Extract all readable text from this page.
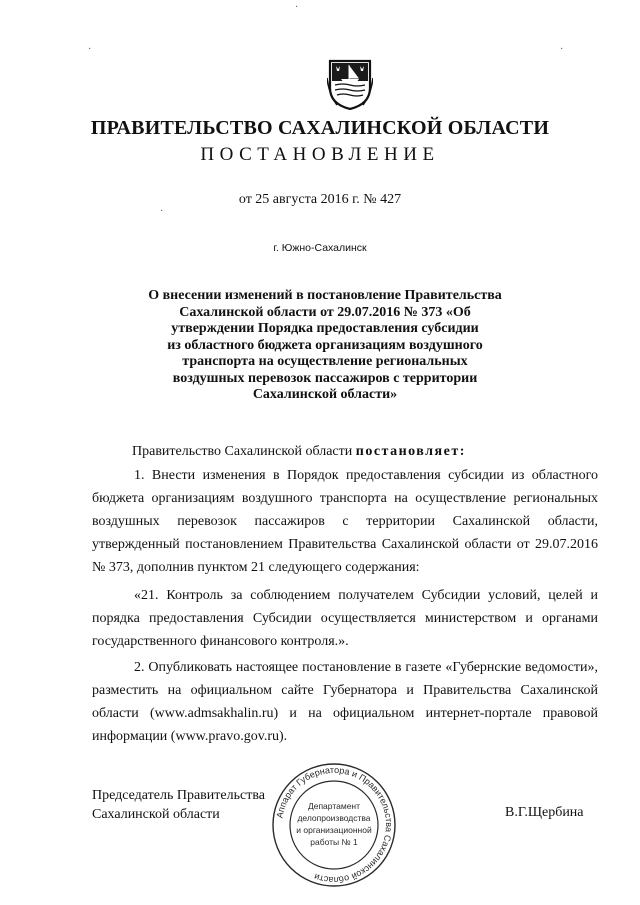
ПРАВИТЕЛЬСТВО САХАЛИНСКОЙ ОБЛАСТИ
ПОСТАНОВЛЕНИЕ
от 25 августа 2016 г. № 427
г. Южно-Сахалинск
О внесении изменений в постановление Правительства
Сахалинской области от 29.07.2016 № 373 «Об
утверждении Порядка предоставления субсидии
из областного бюджета организациям воздушного
транспорта на осуществление региональных
воздушных перевозок пассажиров с территории
Сахалинской области»
Правительство Сахалинской области постановляет:
1. Внести изменения в Порядок предоставления субсидии из областного бюджета организациям воздушного транспорта на осуществление региональных воздушных перевозок пассажиров с территории Сахалинской области, утвержденный постановлением Правительства Сахалинской области от 29.07.2016 № 373, дополнив пунктом 21 следующего содержания:
«21. Контроль за соблюдением получателем Субсидии условий, целей и порядка предоставления Субсидии осуществляется министерством и органами государственного финансового контроля.».
2. Опубликовать настоящее постановление в газете «Губернские ведомости», разместить на официальном сайте Губернатора и Правительства Сахалинской области (www.admsakhalin.ru) и на официальном интернет-портале правовой информации (www.pravo.gov.ru).
Председатель Правительства
Сахалинской области	В.Г.Щербина
Аппарат Губернатора и Правительства Сахалинской области
Департамент
делопроизводства
и организационной
работы № 1
·
·	·
·
